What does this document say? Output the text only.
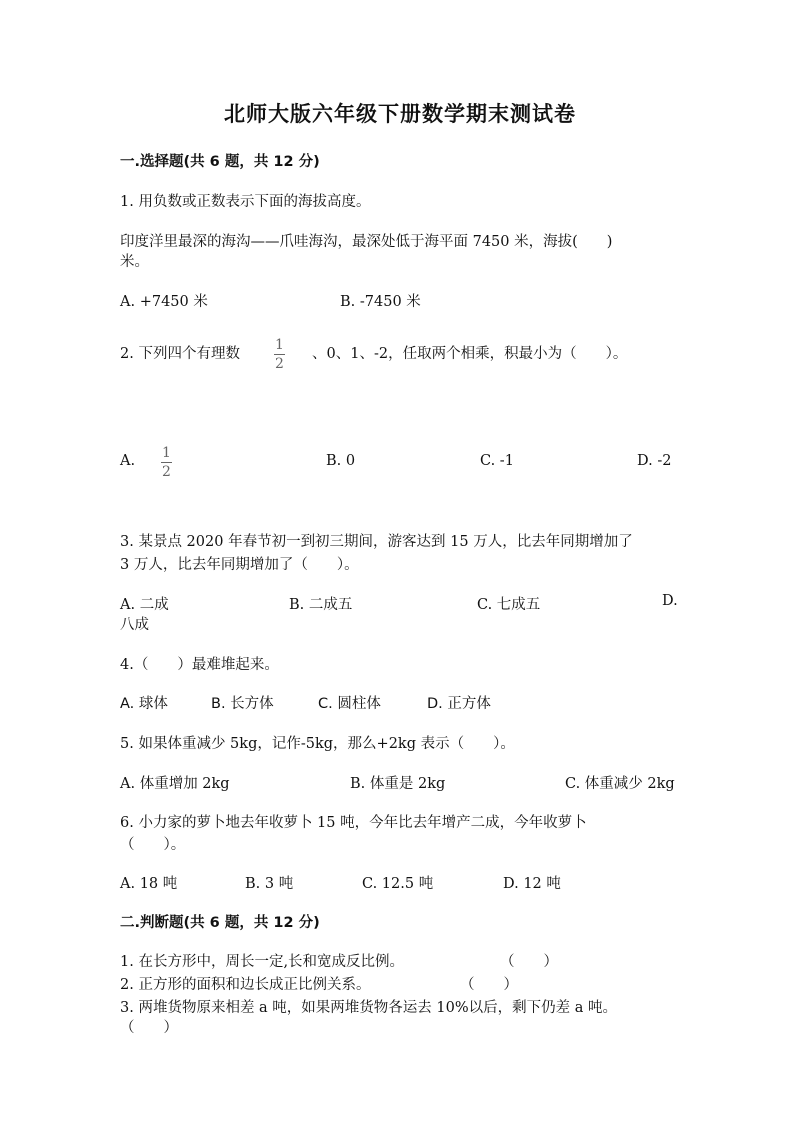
北师大版六年级下册数学期末测试卷
一.选择题(共 6 题，共 12 分)
1. 用负数或正数表示下面的海拔高度。
印度洋里最深的海沟——爪哇海沟，最深处低于海平面 7450 米，海拔(　　)
米。
A. +7450 米	B. -7450 米
2. 下列四个有理数
1
2
、0、1、-2，任取两个相乘，积最小为（　　）。
A. 1
2
B. 0	C. -1	D. -2
3. 某景点 2020 年春节初一到初三期间，游客达到 15 万人，比去年同期增加了
3 万人，比去年同期增加了（　　）。
A. 二成	B. 二成五	C. 七成五	D.
八成
4.（　　）最难堆起来。
A. 球体	B. 长方体	C. 圆柱体	D. 正方体
5. 如果体重减少 5kg，记作-5kg，那么+2kg 表示（　　）。
A. 体重增加 2kg	B. 体重是 2kg	C. 体重减少 2kg
6. 小力家的萝卜地去年收萝卜 15 吨，今年比去年增产二成，今年收萝卜
（　　）。
A. 18 吨	B. 3 吨	C. 12.5 吨	D. 12 吨
二.判断题(共 6 题，共 12 分)
1. 在长方形中，周长一定,长和宽成反比例。	（　　）
2. 正方形的面积和边长成正比例关系。	（　　）
3. 两堆货物原来相差 a 吨，如果两堆货物各运去 10%以后，剩下仍差 a 吨。
（　　）
